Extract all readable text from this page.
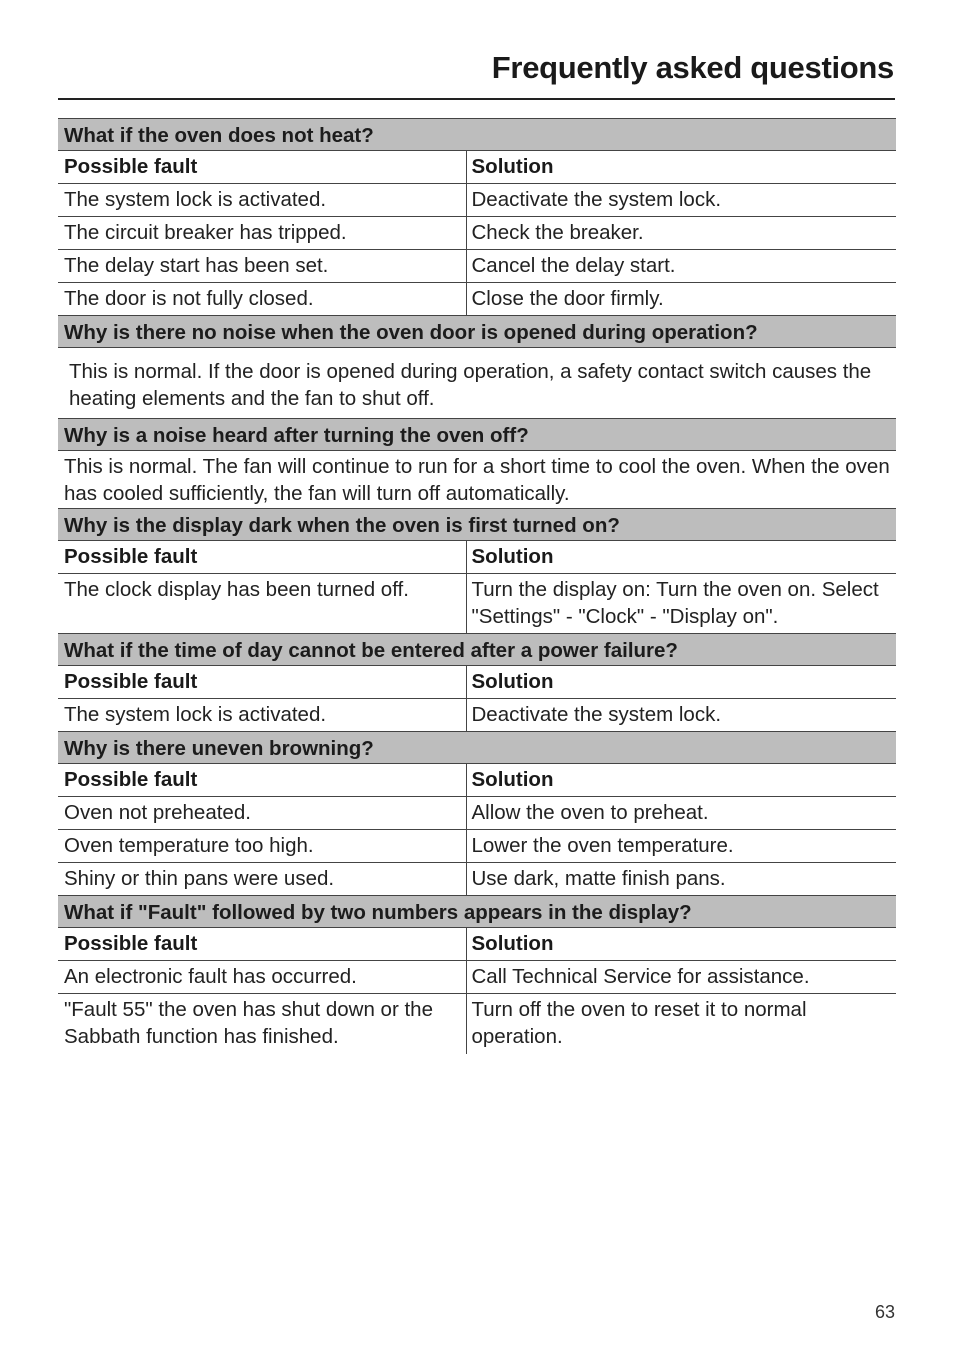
Frequently asked questions
What if the oven does not heat?	
Possible fault	Solution
The system lock is activated.	Deactivate the system lock.
The circuit breaker has tripped.	Check the breaker.
The delay start has been set.	Cancel the delay start.
The door is not fully closed.	Close the door firmly.
Why is there no noise when the oven door is opened during operation?	
This is normal. If the door is opened during operation, a safety contact switch causes the heating elements and the fan to shut off.	
Why is a noise heard after turning the oven off?	
This is normal. The fan will continue to run for a short time to cool the oven. When the oven has cooled sufficiently, the fan will turn off automatically.	
Why is the display dark when the oven is first turned on?	
Possible fault	Solution
The clock display has been turned off.	Turn the display on: Turn the oven on. Select "Settings" - "Clock" - "Display on".
What if the time of day cannot be entered after a power failure?	
Possible fault	Solution
The system lock is activated.	Deactivate the system lock.
Why is there uneven browning?	
Possible fault	Solution
Oven not preheated.	Allow the oven to preheat.
Oven temperature too high.	Lower the oven temperature.
Shiny or thin pans were used.	Use dark, matte finish pans.
What if "Fault" followed by two numbers appears in the display?	
Possible fault	Solution
An electronic fault has occurred.	Call Technical Service for assistance.
"Fault 55" the oven has shut down or the Sabbath function has finished.	Turn off the oven to reset it to normal operation.
63
